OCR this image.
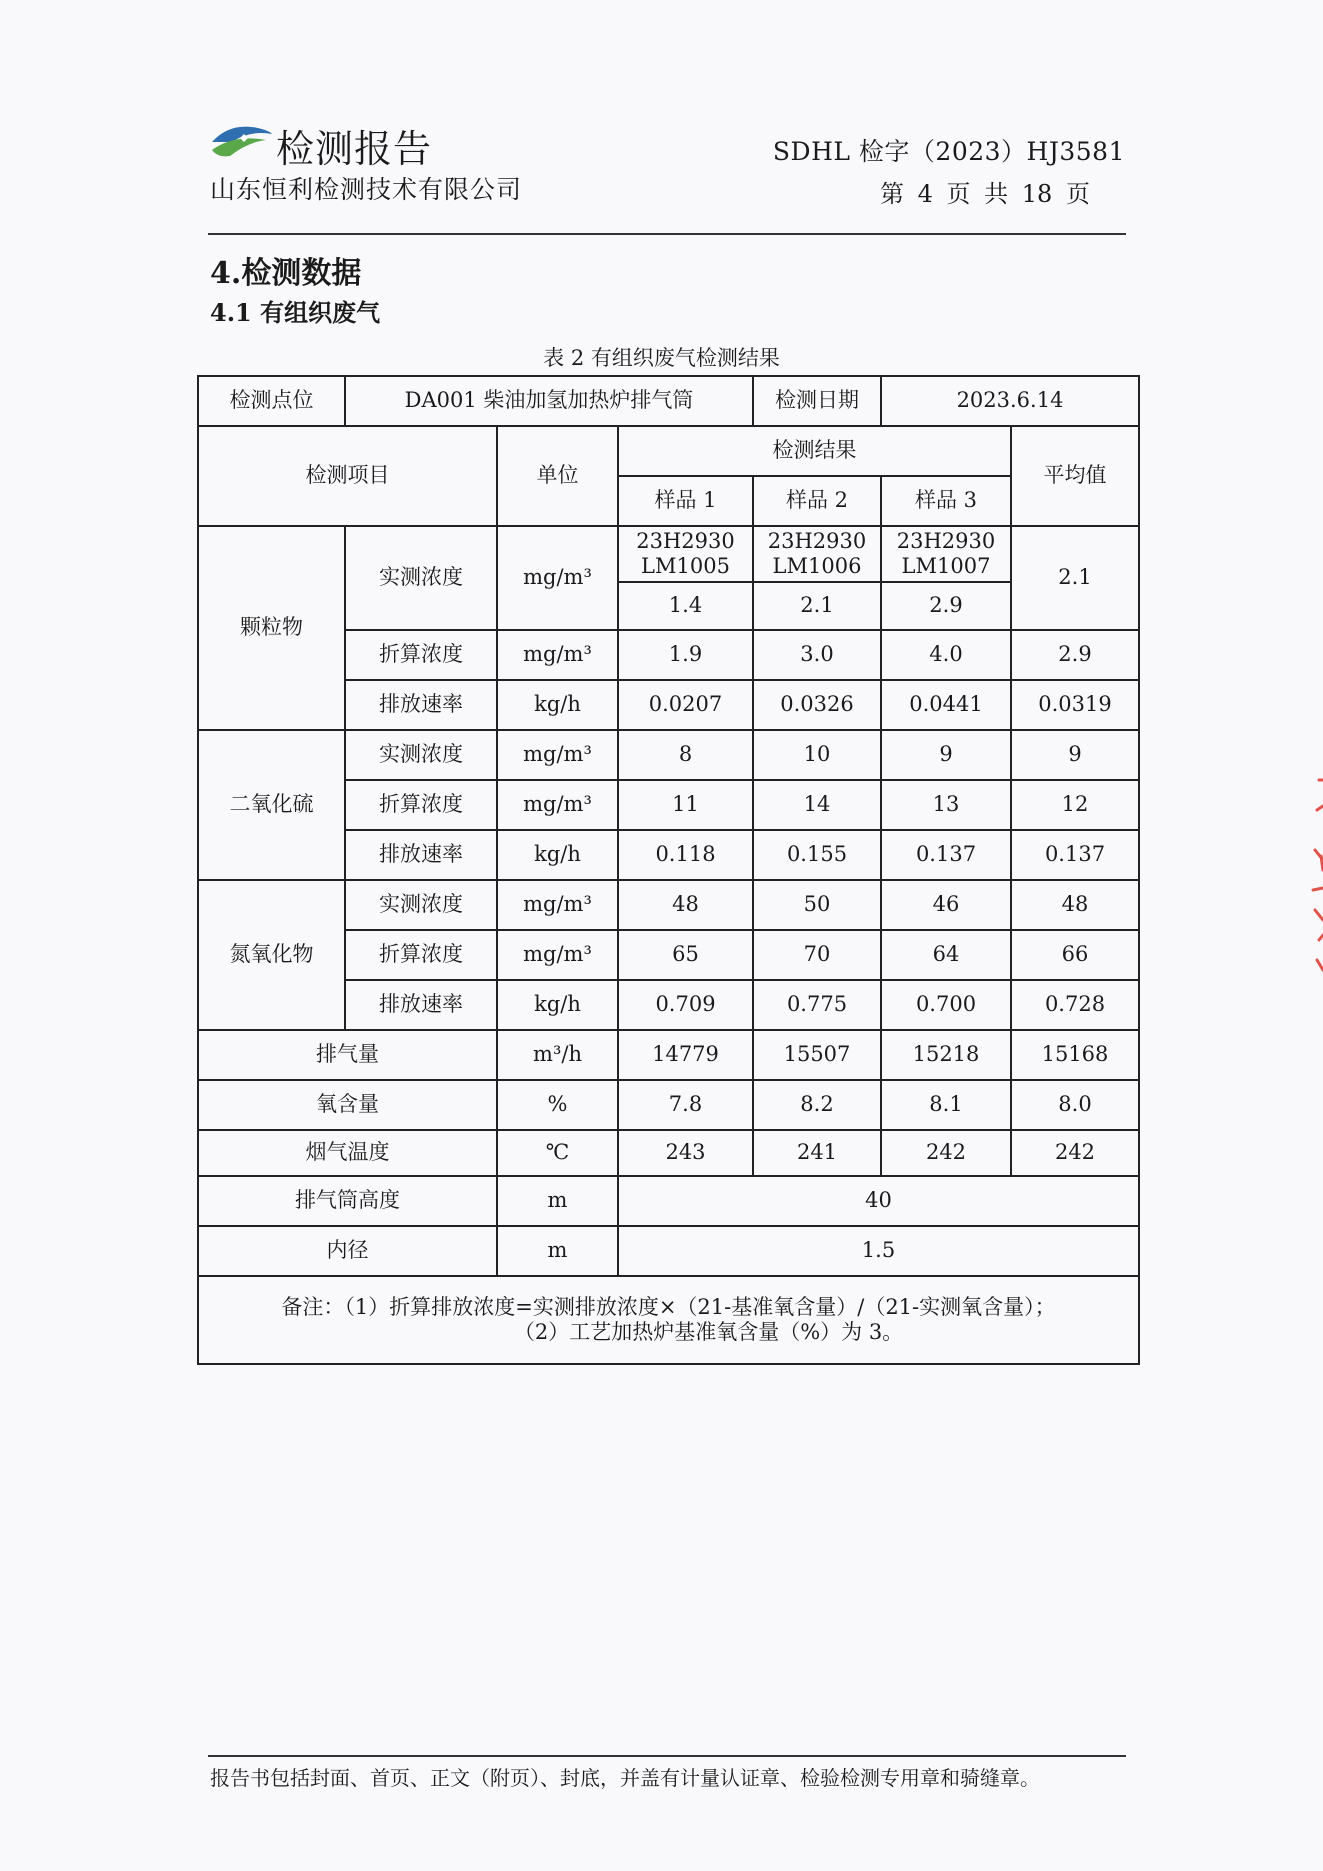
检测报告
山东恒利检测技术有限公司
SDHL 检字（2023）HJ3581
第 4 页 共 18 页
4.检测数据
4.1 有组织废气
表 2 有组织废气检测结果
检测点位	DA001 柴油加氢加热炉排气筒			检测日期	2023.6.14	
检测项目		单位	检测结果			平均值
			样品 1	样品 2	样品 3	
颗粒物	实测浓度	mg/m³	23H2930 LM1005	23H2930 LM1006	23H2930 LM1007	2.1
			1.4	2.1	2.9	
	折算浓度	mg/m³	1.9	3.0	4.0	2.9
	排放速率	kg/h	0.0207	0.0326	0.0441	0.0319
二氧化硫	实测浓度	mg/m³	8	10	9	9
	折算浓度	mg/m³	11	14	13	12
	排放速率	kg/h	0.118	0.155	0.137	0.137
氮氧化物	实测浓度	mg/m³	48	50	46	48
	折算浓度	mg/m³	65	70	64	66
	排放速率	kg/h	0.709	0.775	0.700	0.728
排气量		m³/h	14779	15507	15218	15168
氧含量		%	7.8	8.2	8.1	8.0
烟气温度		℃	243	241	242	242
排气筒高度		m	40			
内径		m	1.5			

备注：（1）折算排放浓度=实测排放浓度×（21-基准氧含量）/（21-实测氧含量）；
（2）工艺加热炉基准氧含量（%）为 3。						
报告书包括封面、首页、正文（附页）、封底，并盖有计量认证章、检验检测专用章和骑缝章。
